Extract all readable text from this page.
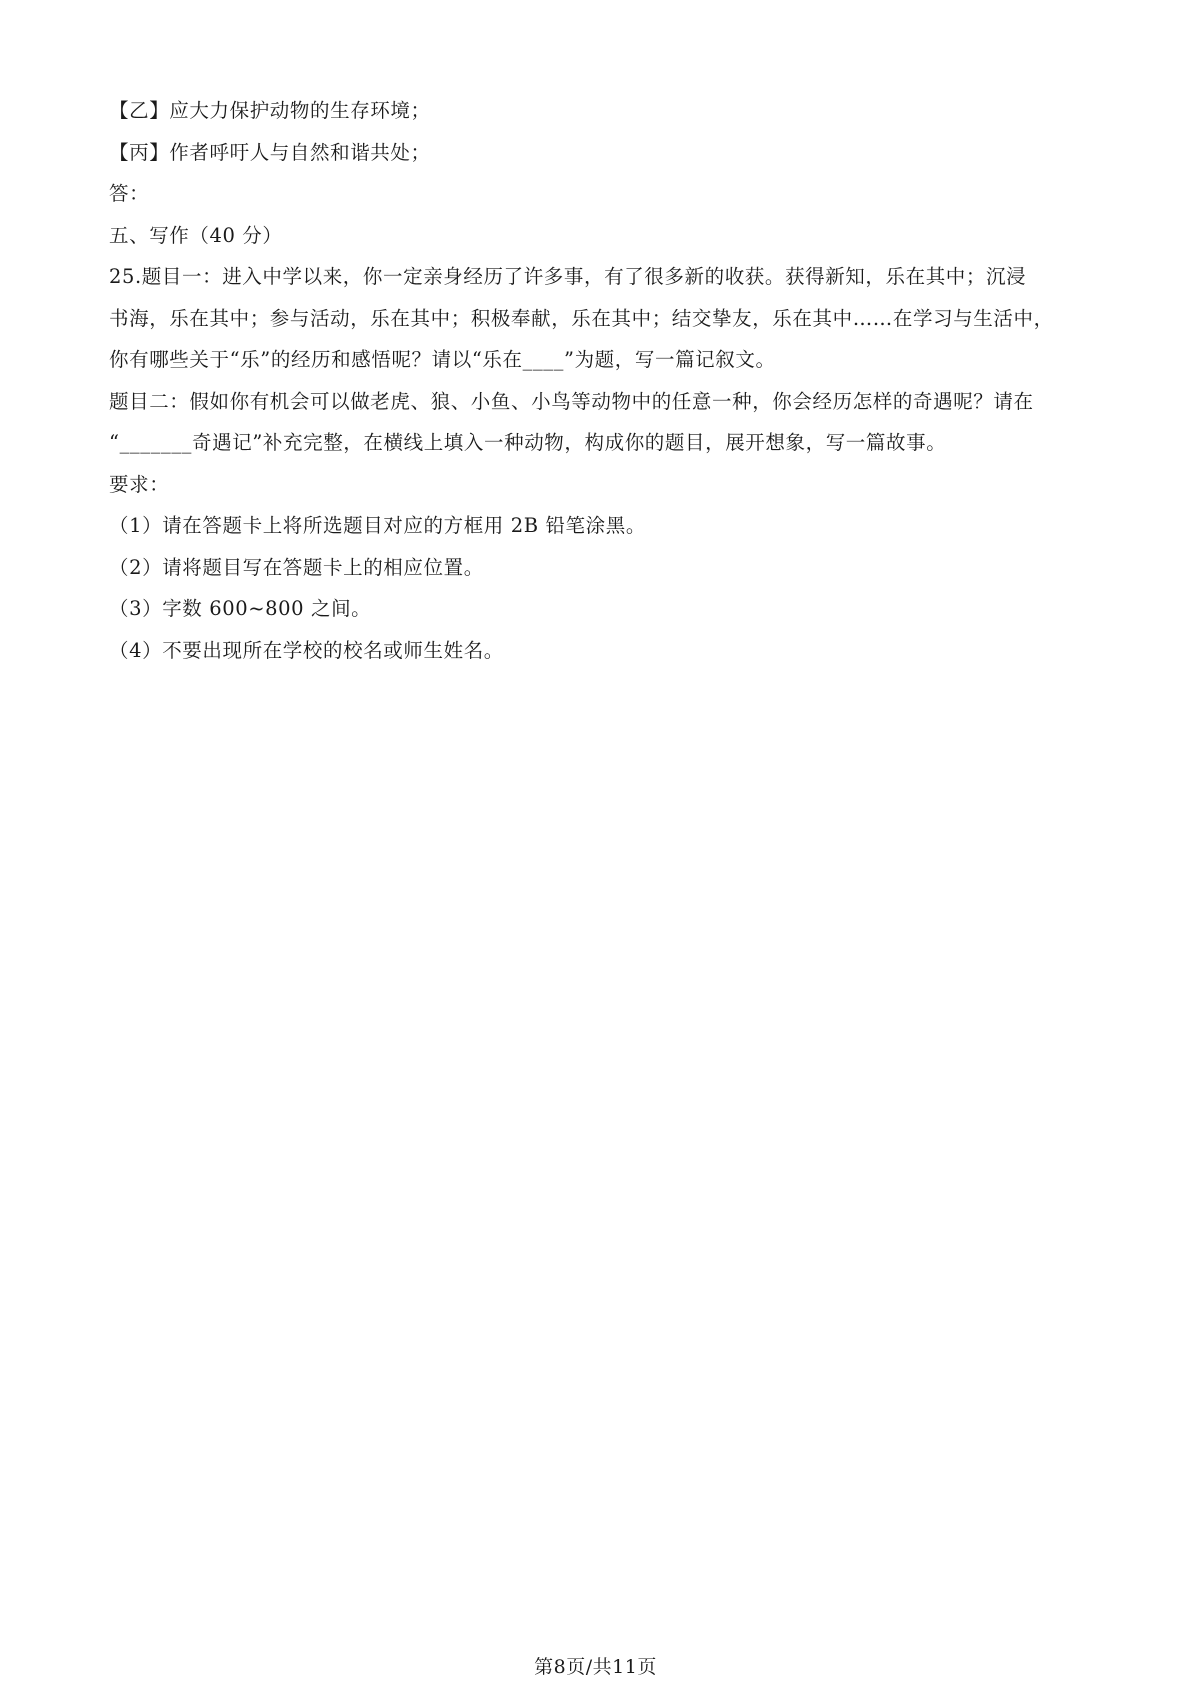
【乙】应大力保护动物的生存环境；
【丙】作者呼吁人与自然和谐共处；
答：
五、写作（40 分）
25.题目一：进入中学以来，你一定亲身经历了许多事，有了很多新的收获。获得新知，乐在其中；沉浸
书海，乐在其中；参与活动，乐在其中；积极奉献，乐在其中；结交挚友，乐在其中……在学习与生活中，
你有哪些关于“乐”的经历和感悟呢？请以“乐在____”为题，写一篇记叙文。
题目二：假如你有机会可以做老虎、狼、小鱼、小鸟等动物中的任意一种，你会经历怎样的奇遇呢？请在
“_______奇遇记”补充完整，在横线上填入一种动物，构成你的题目，展开想象，写一篇故事。
要求：
（1）请在答题卡上将所选题目对应的方框用 2B 铅笔涂黑。
（2）请将题目写在答题卡上的相应位置。
（3）字数 600~800 之间。
（4）不要出现所在学校的校名或师生姓名。
第8页/共11页
